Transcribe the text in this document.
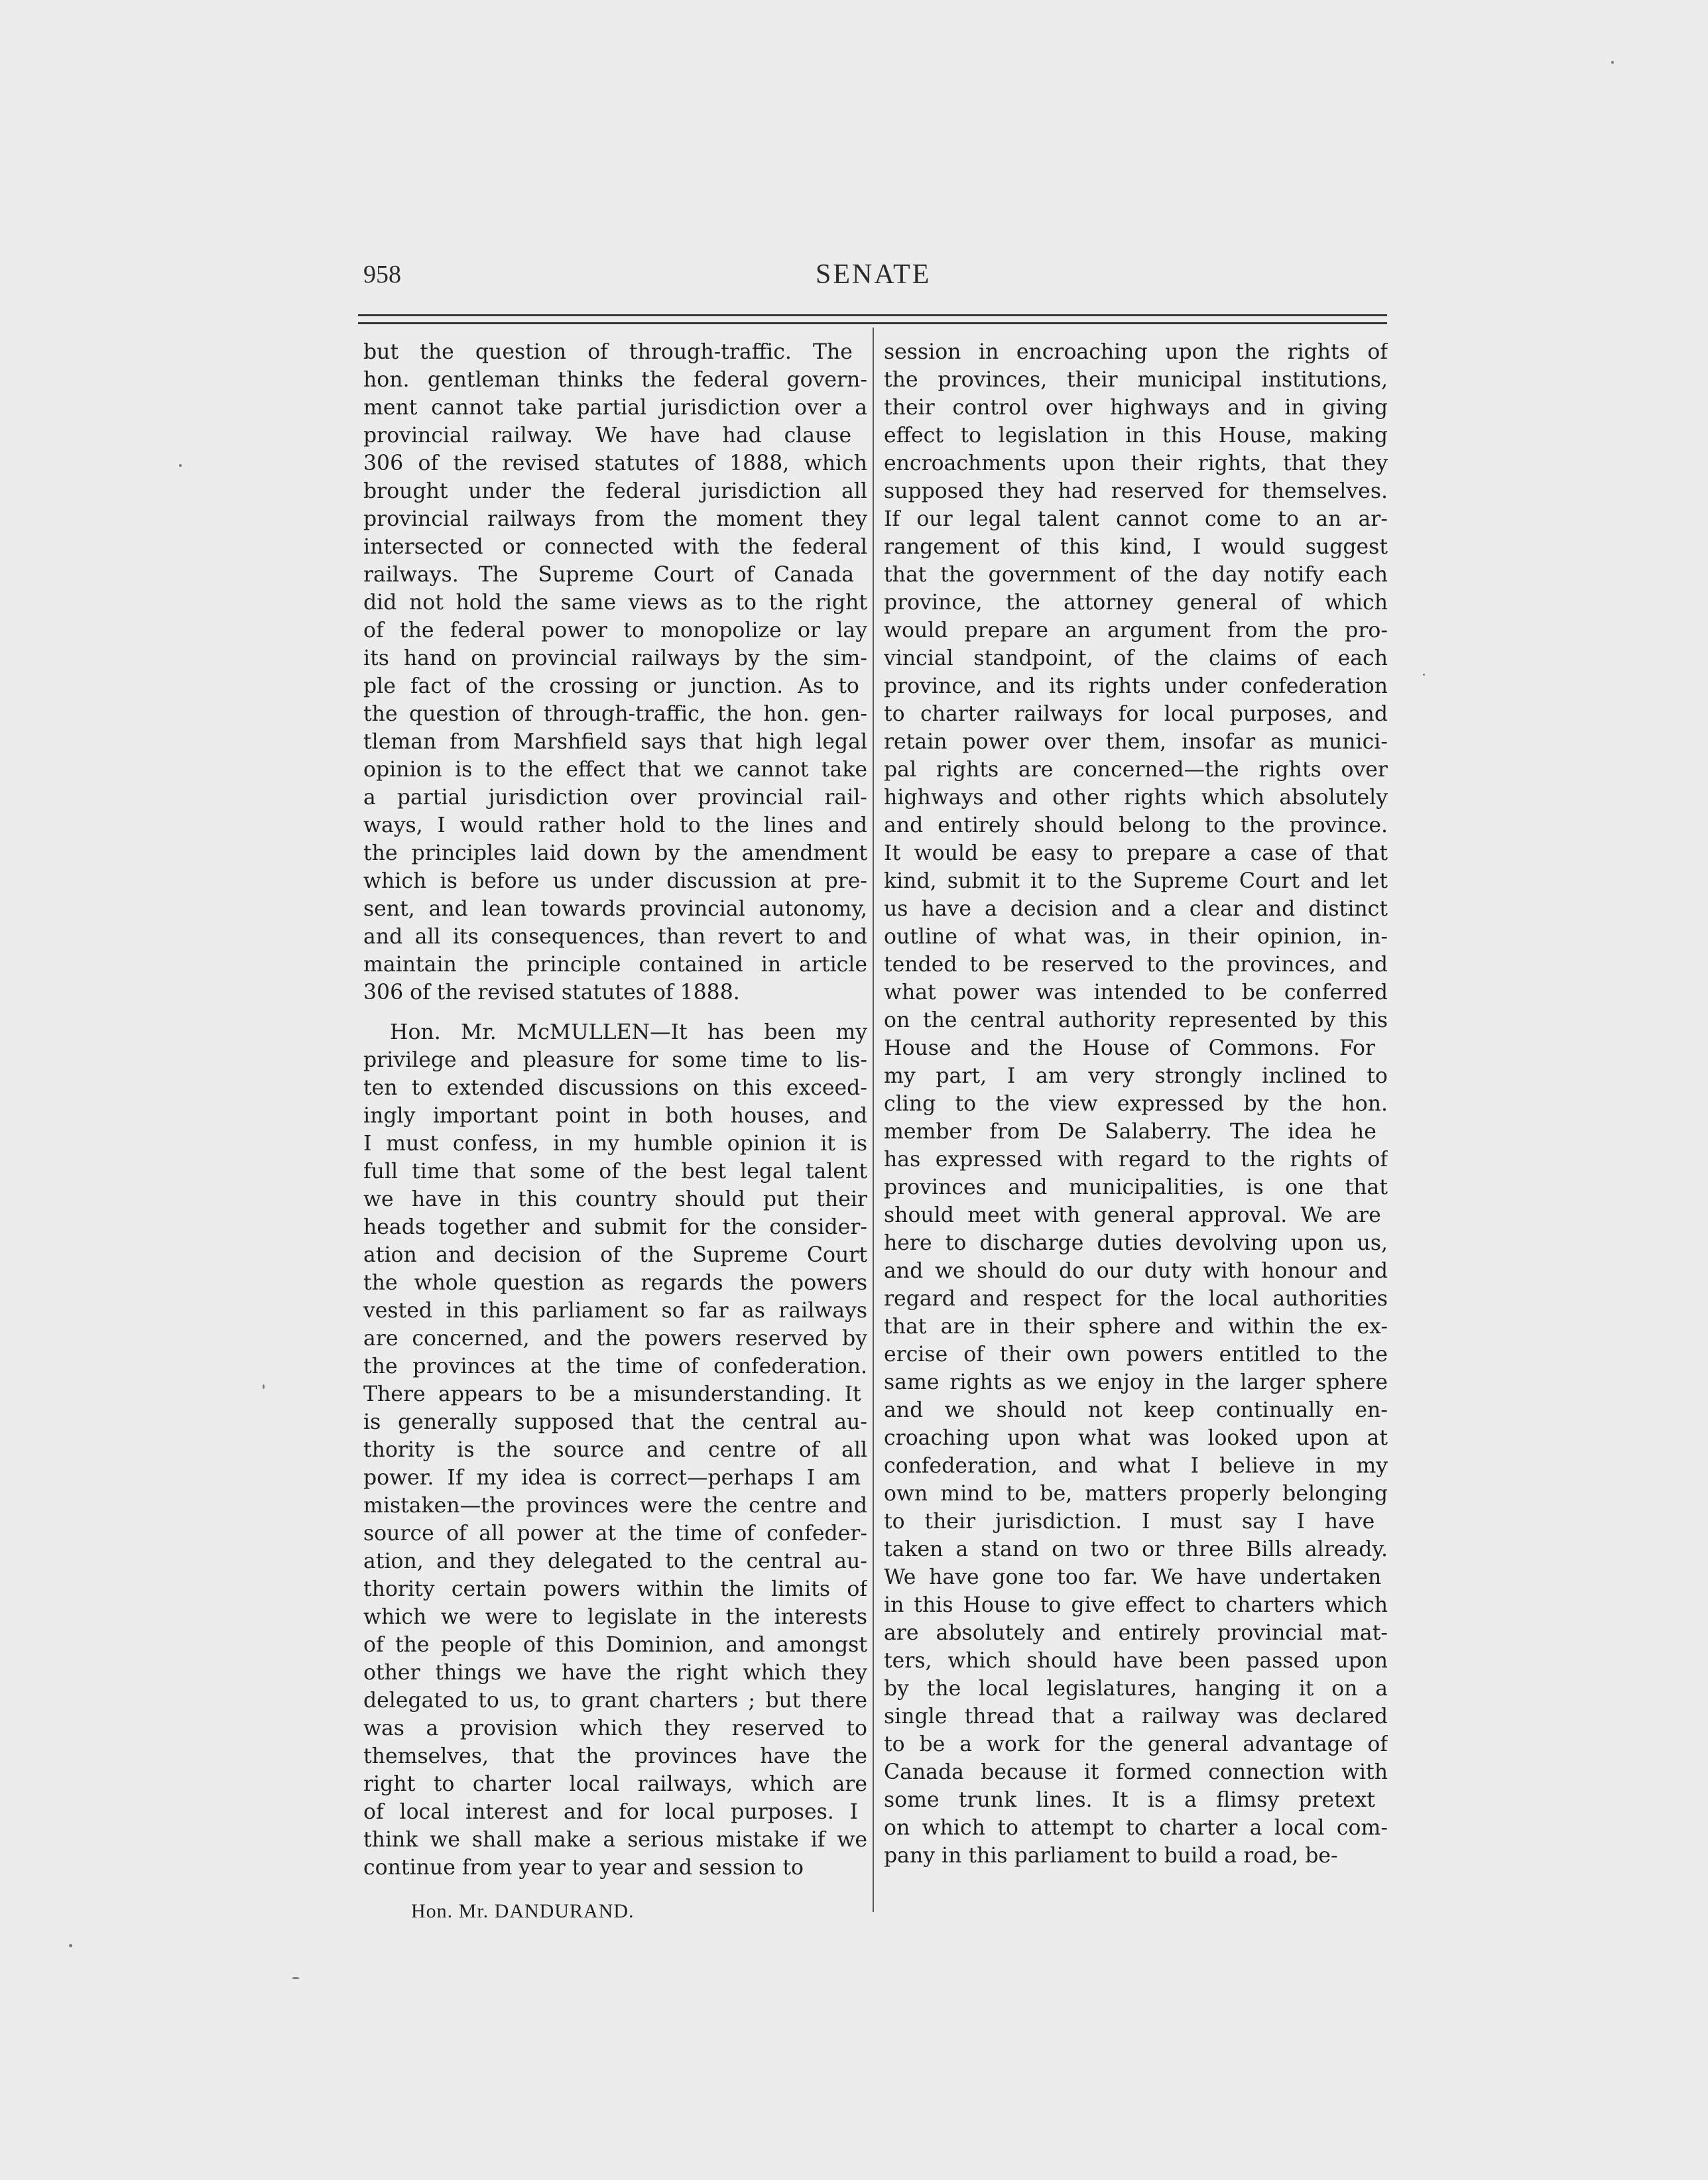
958	SENATE
but the question of through-traffic. The
hon. gentleman thinks the federal govern-
ment cannot take partial jurisdiction over a
provincial railway. We have had clause
306 of the revised statutes of 1888, which
brought under the federal jurisdiction all
provincial railways from the moment they
intersected or connected with the federal
railways. The Supreme Court of Canada
did not hold the same views as to the right
of the federal power to monopolize or lay
its hand on provincial railways by the sim-
ple fact of the crossing or junction. As to
the question of through-traffic, the hon. gen-
tleman from Marshfield says that high legal
opinion is to the effect that we cannot take
a partial jurisdiction over provincial rail-
ways, I would rather hold to the lines and
the principles laid down by the amendment
which is before us under discussion at pre-
sent, and lean towards provincial autonomy,
and all its consequences, than revert to and
maintain the principle contained in article
306 of the revised statutes of 1888.
Hon. Mr. McMULLEN—It has been my
privilege and pleasure for some time to lis-
ten to extended discussions on this exceed-
ingly important point in both houses, and
I must confess, in my humble opinion it is
full time that some of the best legal talent
we have in this country should put their
heads together and submit for the consider-
ation and decision of the Supreme Court
the whole question as regards the powers
vested in this parliament so far as railways
are concerned, and the powers reserved by
the provinces at the time of confederation.
There appears to be a misunderstanding. It
is generally supposed that the central au-
thority is the source and centre of all
power. If my idea is correct—perhaps I am
mistaken—the provinces were the centre and
source of all power at the time of confeder-
ation, and they delegated to the central au-
thority certain powers within the limits of
which we were to legislate in the interests
of the people of this Dominion, and amongst
other things we have the right which they
delegated to us, to grant charters ; but there
was a provision which they reserved to
themselves, that the provinces have the
right to charter local railways, which are
of local interest and for local purposes. I
think we shall make a serious mistake if we
continue from year to year and session to
session in encroaching upon the rights of
the provinces, their municipal institutions,
their control over highways and in giving
effect to legislation in this House, making
encroachments upon their rights, that they
supposed they had reserved for themselves.
If our legal talent cannot come to an ar-
rangement of this kind, I would suggest
that the government of the day notify each
province, the attorney general of which
would prepare an argument from the pro-
vincial standpoint, of the claims of each
province, and its rights under confederation
to charter railways for local purposes, and
retain power over them, insofar as munici-
pal rights are concerned—the rights over
highways and other rights which absolutely
and entirely should belong to the province.
It would be easy to prepare a case of that
kind, submit it to the Supreme Court and let
us have a decision and a clear and distinct
outline of what was, in their opinion, in-
tended to be reserved to the provinces, and
what power was intended to be conferred
on the central authority represented by this
House and the House of Commons. For
my part, I am very strongly inclined to
cling to the view expressed by the hon.
member from De Salaberry. The idea he
has expressed with regard to the rights of
provinces and municipalities, is one that
should meet with general approval. We are
here to discharge duties devolving upon us,
and we should do our duty with honour and
regard and respect for the local authorities
that are in their sphere and within the ex-
ercise of their own powers entitled to the
same rights as we enjoy in the larger sphere
and we should not keep continually en-
croaching upon what was looked upon at
confederation, and what I believe in my
own mind to be, matters properly belonging
to their jurisdiction. I must say I have
taken a stand on two or three Bills already.
We have gone too far. We have undertaken
in this House to give effect to charters which
are absolutely and entirely provincial mat-
ters, which should have been passed upon
by the local legislatures, hanging it on a
single thread that a railway was declared
to be a work for the general advantage of
Canada because it formed connection with
some trunk lines. It is a flimsy pretext
on which to attempt to charter a local com-
pany in this parliament to build a road, be-
Hon. Mr. DANDURAND.
